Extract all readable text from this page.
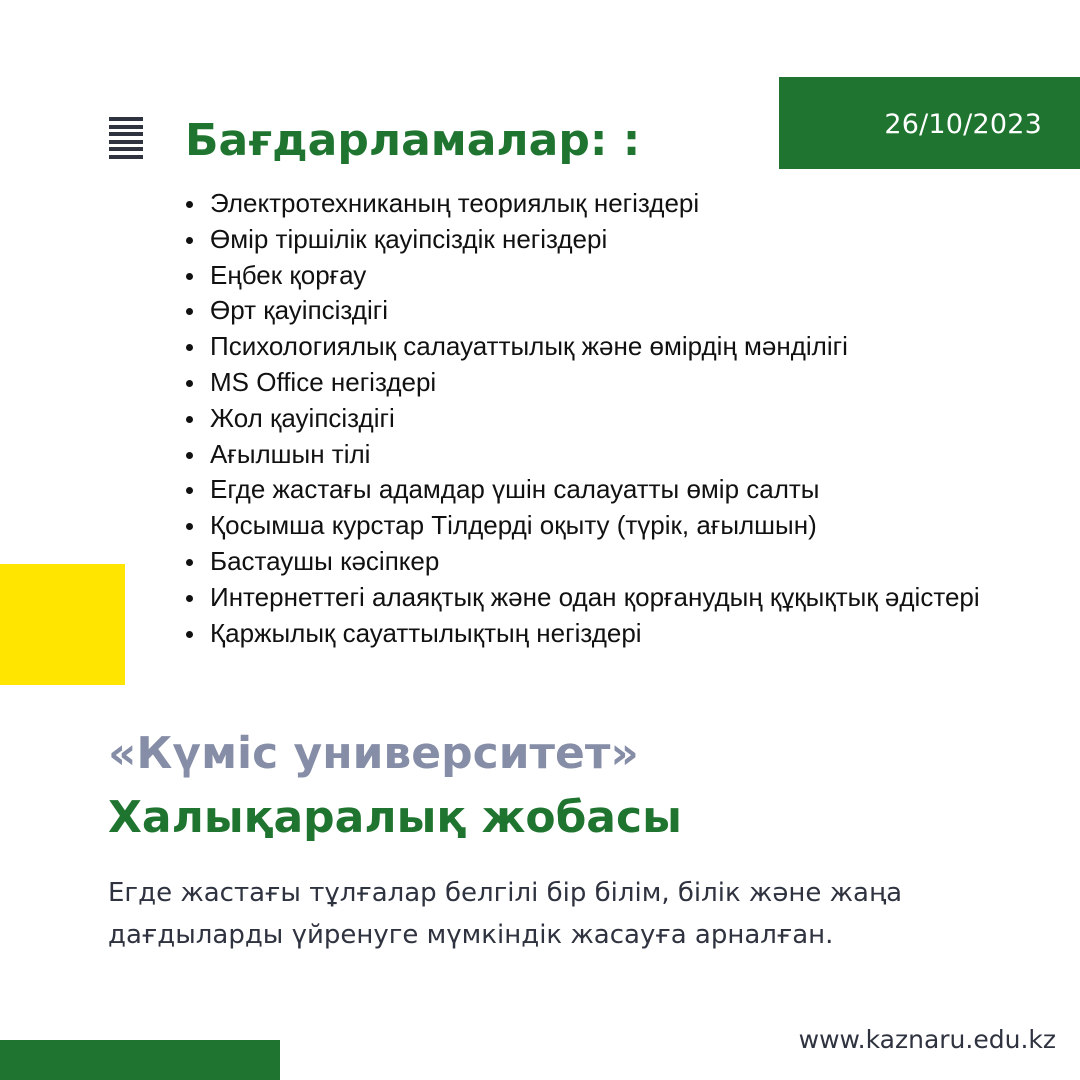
26/10/2023
Бағдарламалар: :
Электротехниканың теориялық негіздері
Өмір тіршілік қауіпсіздік негіздері
Еңбек қорғау
Өрт қауіпсіздігі
Психологиялық салауаттылық және өмірдің мәнділігі
MS Office негіздері
Жол қауіпсіздігі
Ағылшын тілі
Егде жастағы адамдар үшін салауатты өмір салты
Қосымша курстар Тілдерді оқыту (түрік, ағылшын)
Бастаушы кәсіпкер
Интернеттегі алаяқтық және одан қорғанудың құқықтық әдістері
Қаржылық сауаттылықтың негіздері
«Күміс университет»
Халықаралық жобасы

Егде жастағы тұлғалар белгілі бір білім, білік және жаңа дағдыларды үйренуге мүмкіндік жасауға арналған.

www.kaznaru.edu.kz
